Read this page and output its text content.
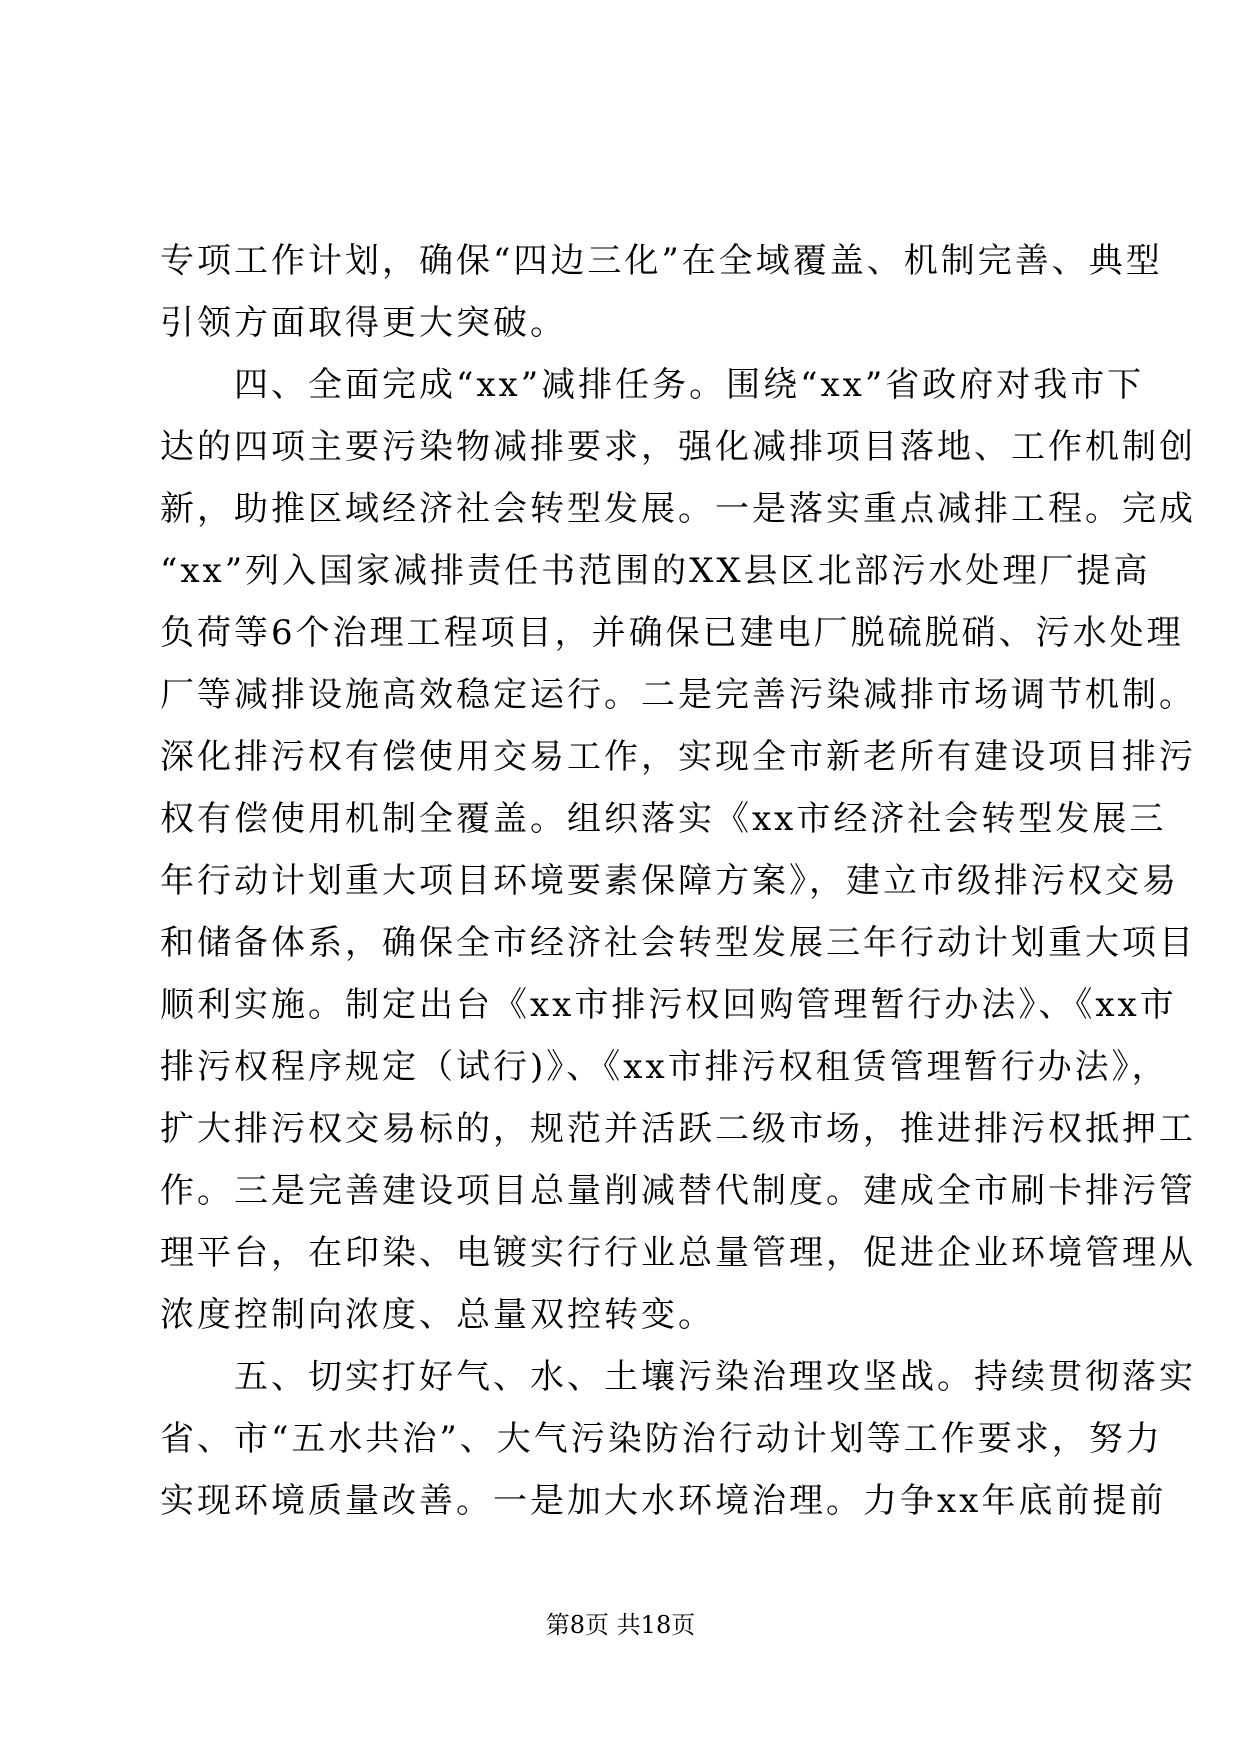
专项工作计划，确保“四边三化”在全域覆盖、机制完善、典型
引领方面取得更大突破。
　　四、全面完成“xx”减排任务。围绕“xx”省政府对我市下
达的四项主要污染物减排要求，强化减排项目落地、工作机制创
新，助推区域经济社会转型发展。一是落实重点减排工程。完成
“xx”列入国家减排责任书范围的XX县区北部污水处理厂提高
负荷等6个治理工程项目，并确保已建电厂脱硫脱硝、污水处理
厂等减排设施高效稳定运行。二是完善污染减排市场调节机制。
深化排污权有偿使用交易工作，实现全市新老所有建设项目排污
权有偿使用机制全覆盖。组织落实《xx市经济社会转型发展三
年行动计划重大项目环境要素保障方案》，建立市级排污权交易
和储备体系，确保全市经济社会转型发展三年行动计划重大项目
顺利实施。制定出台《xx市排污权回购管理暂行办法》、《xx市
排污权程序规定（试行)》、《xx市排污权租赁管理暂行办法》，
扩大排污权交易标的，规范并活跃二级市场，推进排污权抵押工
作。三是完善建设项目总量削减替代制度。建成全市刷卡排污管
理平台，在印染、电镀实行行业总量管理，促进企业环境管理从
浓度控制向浓度、总量双控转变。
　　五、切实打好气、水、土壤污染治理攻坚战。持续贯彻落实
省、市“五水共治”、大气污染防治行动计划等工作要求，努力
实现环境质量改善。一是加大水环境治理。力争xx年底前提前
第8页 共18页
